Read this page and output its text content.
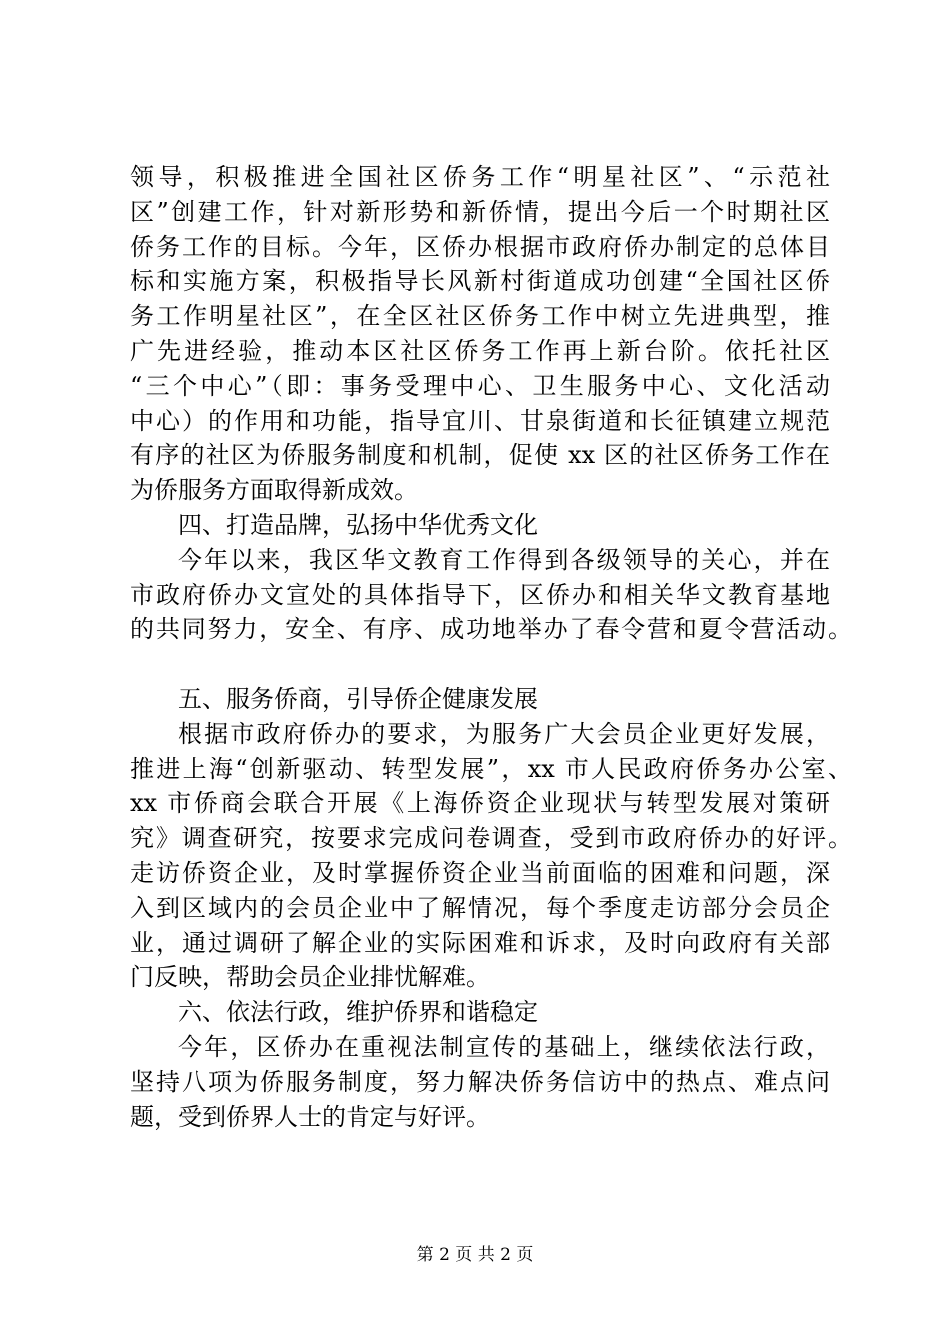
领导，积极推进全国社区侨务工作“明星社区”、“示范社
区”创建工作，针对新形势和新侨情，提出今后一个时期社区
侨务工作的目标。今年，区侨办根据市政府侨办制定的总体目
标和实施方案，积极指导长风新村街道成功创建“全国社区侨
务工作明星社区”，在全区社区侨务工作中树立先进典型，推
广先进经验，推动本区社区侨务工作再上新台阶。依托社区
“三个中心”（即：事务受理中心、卫生服务中心、文化活动
中心）的作用和功能，指导宜川、甘泉街道和长征镇建立规范
有序的社区为侨服务制度和机制，促使 xx 区的社区侨务工作在
为侨服务方面取得新成效。
四、打造品牌，弘扬中华优秀文化
今年以来，我区华文教育工作得到各级领导的关心，并在
市政府侨办文宣处的具体指导下，区侨办和相关华文教育基地
的共同努力，安全、有序、成功地举办了春令营和夏令营活动。
五、服务侨商，引导侨企健康发展
根据市政府侨办的要求，为服务广大会员企业更好发展，
推进上海“创新驱动、转型发展”，xx 市人民政府侨务办公室、
xx 市侨商会联合开展《上海侨资企业现状与转型发展对策研
究》调查研究，按要求完成问卷调查，受到市政府侨办的好评。
走访侨资企业，及时掌握侨资企业当前面临的困难和问题，深
入到区域内的会员企业中了解情况，每个季度走访部分会员企
业，通过调研了解企业的实际困难和诉求，及时向政府有关部
门反映，帮助会员企业排忧解难。
六、依法行政，维护侨界和谐稳定
今年，区侨办在重视法制宣传的基础上，继续依法行政，
坚持八项为侨服务制度，努力解决侨务信访中的热点、难点问
题，受到侨界人士的肯定与好评。
第 2 页 共 2 页
